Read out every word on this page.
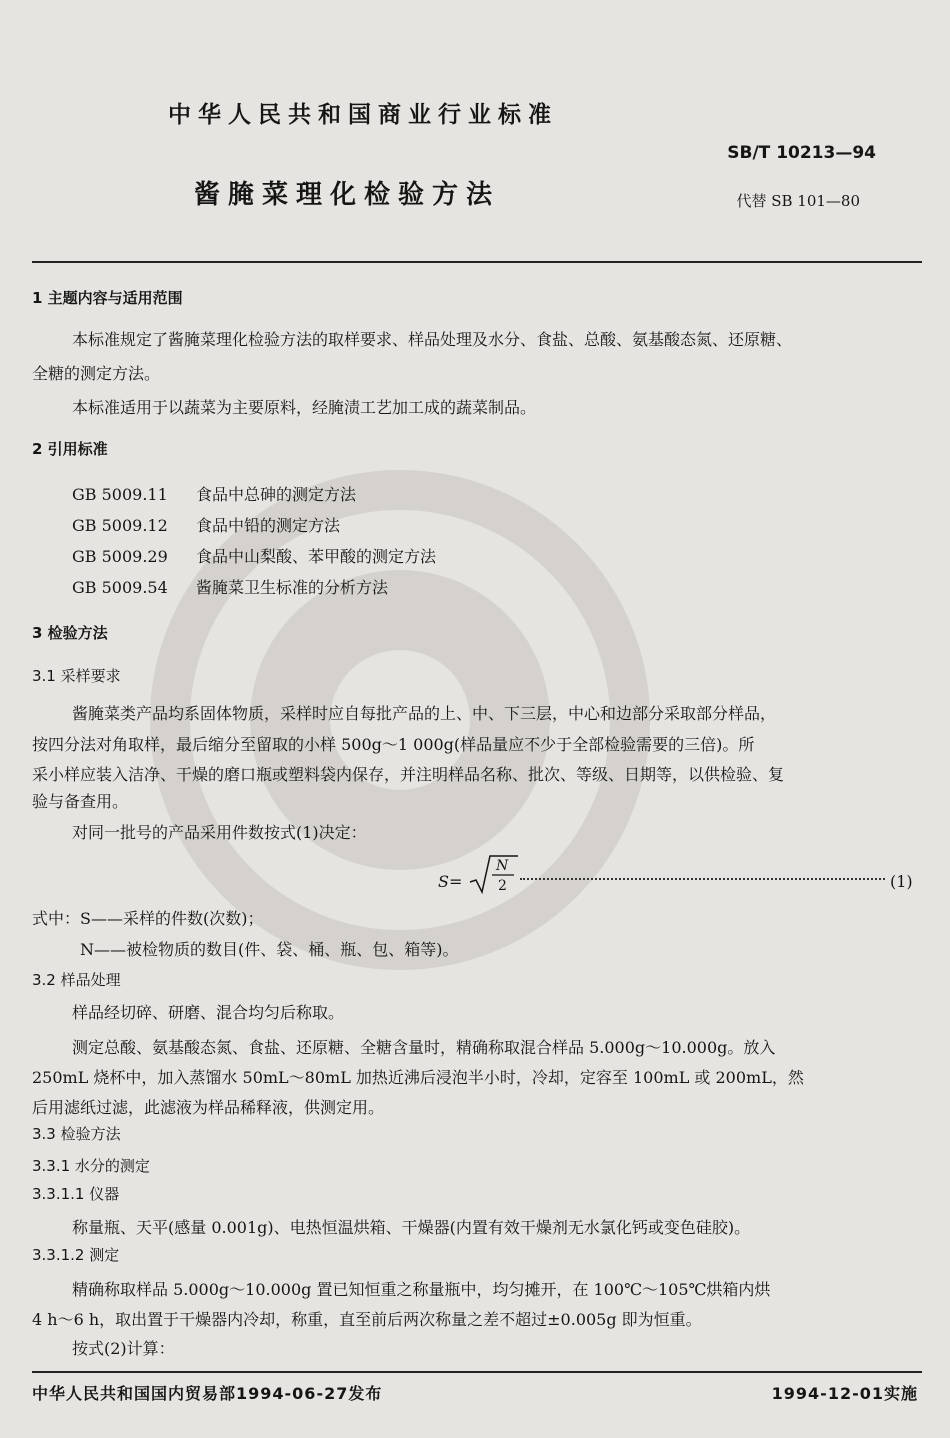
中华人民共和国商业行业标准
SB/T 10213—94
酱腌菜理化检验方法	代替 SB 101—80
1 主题内容与适用范围
本标准规定了酱腌菜理化检验方法的取样要求、样品处理及水分、食盐、总酸、氨基酸态氮、还原糖、
全糖的测定方法。
本标准适用于以蔬菜为主要原料，经腌渍工艺加工成的蔬菜制品。
2 引用标准
GB 5009.11 食品中总砷的测定方法
GB 5009.12 食品中铅的测定方法
GB 5009.29 食品中山梨酸、苯甲酸的测定方法
GB 5009.54 酱腌菜卫生标准的分析方法
3 检验方法
3.1 采样要求
酱腌菜类产品均系固体物质，采样时应自每批产品的上、中、下三层，中心和边部分采取部分样品，
按四分法对角取样，最后缩分至留取的小样 500g～1 000g(样品量应不少于全部检验需要的三倍)。所
采小样应装入洁净、干燥的磨口瓶或塑料袋内保存，并注明样品名称、批次、等级、日期等，以供检验、复
验与备查用。
对同一批号的产品采用件数按式(1)决定：
S=
N
2	(1)
式中：S——采样的件数(次数)；
N——被检物质的数目(件、袋、桶、瓶、包、箱等)。
3.2 样品处理
样品经切碎、研磨、混合均匀后称取。
测定总酸、氨基酸态氮、食盐、还原糖、全糖含量时，精确称取混合样品 5.000g～10.000g。放入
250mL 烧杯中，加入蒸馏水 50mL～80mL 加热近沸后浸泡半小时，冷却，定容至 100mL 或 200mL，然
后用滤纸过滤，此滤液为样品稀释液，供测定用。
3.3 检验方法
3.3.1 水分的测定
3.3.1.1 仪器
称量瓶、天平(感量 0.001g)、电热恒温烘箱、干燥器(内置有效干燥剂无水氯化钙或变色硅胶)。
3.3.1.2 测定
精确称取样品 5.000g～10.000g 置已知恒重之称量瓶中，均匀摊开，在 100℃～105℃烘箱内烘
4 h～6 h，取出置于干燥器内冷却，称重，直至前后两次称量之差不超过±0.005g 即为恒重。
按式(2)计算：
中华人民共和国国内贸易部1994-06-27发布	1994-12-01实施
